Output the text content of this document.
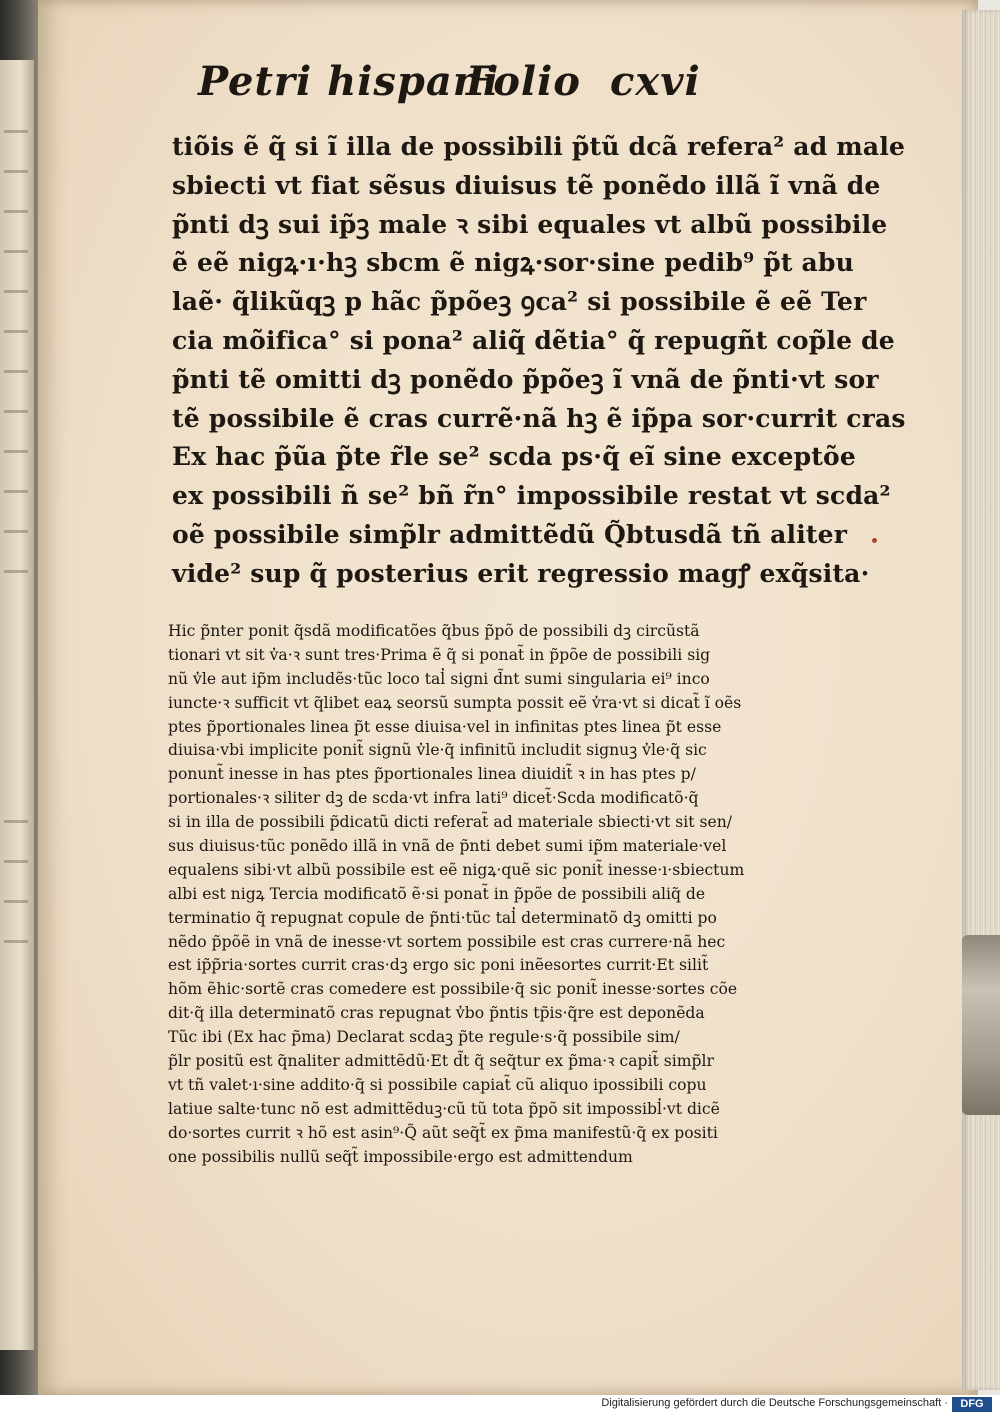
Petri hispani
Folio cxvi
tiõis ẽ q̃ si ĩ illa de possibili p̃tũ dcã refera² ad male
sbiecti vt fiat sẽsus diuisus tẽ ponẽdo illã ĩ vnã de
p̃nti dꝫ sui ip̃ꝫ male ꝛ sibi equales vt albũ possibile
ẽ eẽ nigꝝ·ı·hꝫ sbcm ẽ nigꝝ·sor·sine pedib⁹ p̃t abu
laẽ· q̃likũqꝫ p hãc p̃põeꝫ ꝯca² si possibile ẽ eẽ Ter
cia mõifica° si pona² aliq̃ dẽtia° q̃ repugñt cop̃le de
p̃nti tẽ omitti dꝫ ponẽdo p̃põeꝫ ĩ vnã de p̃nti·vt sor
tẽ possibile ẽ cras currẽ·nã hꝫ ẽ ip̃pa sor·currit cras
Ex hac p̃ũa p̃te r̃le se² scda ps·q̃ eĩ sine exceptõe
ex possibili ñ se² bñ r̃n° impossibile restat vt scda²
oẽ possibile simp̃lr admittẽdũ Q̃btusdã tñ aliter
vide² sup q̃ posterius erit regressio magꝭ exq̃sita·
Hic p̃nter ponit q̃sdã modificatões q̃bus p̃põ de possibili dꝫ circũstã
tionari vt sit v̓a·ꝛ sunt tres·Prima ẽ q̃ si ponat̃ in p̃põe de possibili sig
nũ v̓le aut ip̃m includẽs·tũc loco tal̓ signi d̃nt sumi singularia ei⁹ inco
iuncte·ꝛ sufficit vt q̃libet eaꝝ seorsũ sumpta possit eẽ v̓ra·vt si dicat̃ ĩ oẽs
ptes p̃portionales linea p̃t esse diuisa·vel in infinitas ptes linea p̃t esse
diuisa·vbi implicite ponit̃ signũ v̓le·q̃ infinitũ includit signuꝫ v̓le·q̃ sic
ponunt̃ inesse in has ptes p̃portionales linea diuidit̃ ꝛ in has ptes p/
portionales·ꝛ siliter dꝫ de scda·vt infra lati⁹ dicet̃·Scda modificatõ·q̃
si in illa de possibili p̃dicatũ dicti referat̃ ad materiale sbiecti·vt sit sen/
sus diuisus·tũc ponẽdo illã in vnã de p̃nti debet sumi ip̃m materiale·vel
equalens sibi·vt albũ possibile est eẽ nigꝝ·quẽ sic ponit̃ inesse·ı·sbiectum
albi est nigꝝ Tercia modificatõ ẽ·si ponat̃ in p̃põe de possibili aliq̃ de
terminatio q̃ repugnat copule de p̃nti·tũc tal̓ determinatõ dꝫ omitti po
nẽdo p̃põẽ in vnã de inesse·vt sortem possibile est cras currere·nã hec
est ip̃p̃ria·sortes currit cras·dꝫ ergo sic poni inẽesortes currit·Et silit̃
hõm ẽhic·sortẽ cras comedere est possibile·q̃ sic ponit̃ inesse·sortes cõe
dit·q̃ illa determinatõ cras repugnat v̓bo p̃ntis tp̃is·q̃re est deponẽda
Tũc ibi (Ex hac p̃ma) Declarat scdaꝫ p̃te regule·s·q̃ possibile sim/
p̃lr positũ est q̃naliter admittẽdũ·Et d̃t q̃ seq̃tur ex p̃ma·ꝛ capit̃ simp̃lr
vt tñ valet·ı·sine addito·q̃ si possibile capiat̃ cũ aliquo ipossibili copu
latiue salte·tunc nõ est admittẽduꝫ·cũ tũ tota p̃põ sit impossibl̓·vt dicẽ
do·sortes currit ꝛ hõ est asin⁹·Q̃ aũt seq̃t̃ ex p̃ma manifestũ·q̃ ex positi
one possibilis nullũ seq̃t̃ impossibile·ergo est admittendum
Digitalisierung gefördert durch die Deutsche Forschungsgemeinschaft ·	DFG
